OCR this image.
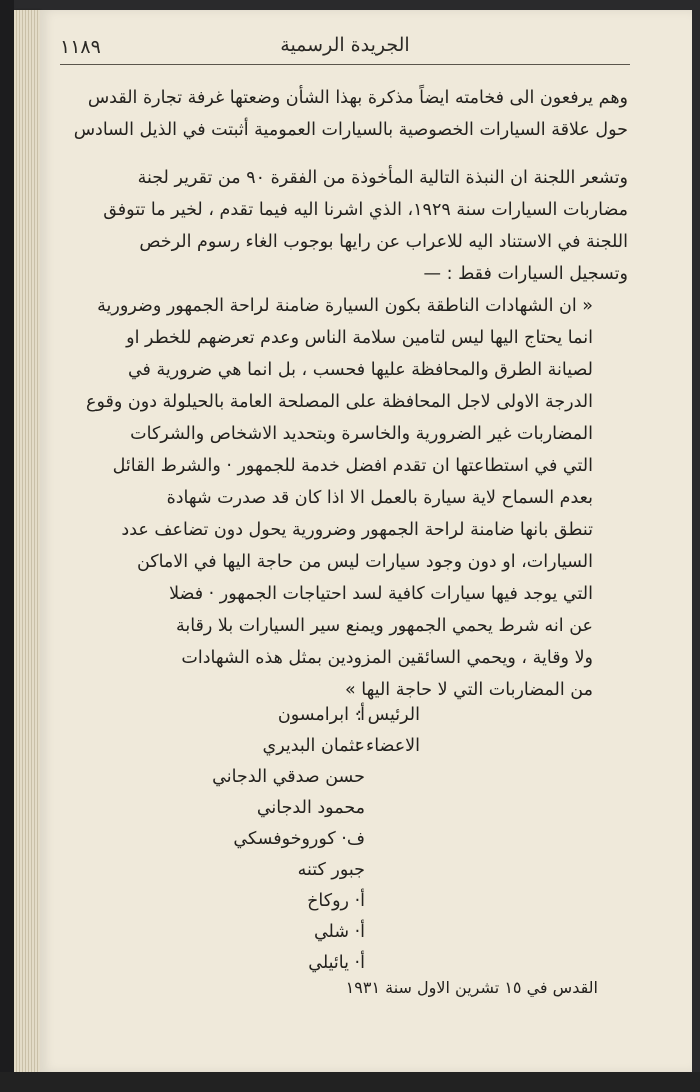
١١٨٩	الجريدة الرسمية
وهم يرفعون الى فخامته ايضاً مذكرة بهذا الشأن وضعتها غرفة تجارة القدس
حول علاقة السيارات الخصوصية بالسيارات العمومية أثبتت في الذيل السادس
وتشعر اللجنة ان النبذة التالية المأخوذة من الفقرة ٩٠ من تقرير لجنة
مضاربات السيارات سنة ١٩٢٩، الذي اشرنا اليه فيما تقدم ، لخير ما تتوفق
اللجنة في الاستناد اليه للاعراب عن رايها بوجوب الغاء رسوم الرخص
وتسجيل السيارات فقط : —
« ان الشهادات الناطقة بكون السيارة ضامنة لراحة الجمهور وضرورية
انما يحتاج اليها ليس لتامين سلامة الناس وعدم تعرضهم للخطر او
لصيانة الطرق والمحافظة عليها فحسب ، بل انما هي ضرورية في
الدرجة الاولى لاجل المحافظة على المصلحة العامة بالحيلولة دون وقوع
المضاربات غير الضرورية والخاسرة وبتحديد الاشخاص والشركات
التي في استطاعتها ان تقدم افضل خدمة للجمهور · والشرط القائل
بعدم السماح لاية سيارة بالعمل الا اذا كان قد صدرت شهادة
تنطق بانها ضامنة لراحة الجمهور وضرورية يحول دون تضاعف عدد
السيارات، او دون وجود سيارات ليس من حاجة اليها في الاماكن
التي يوجد فيها سيارات كافية لسد احتياجات الجمهور · فضلا
عن انه شرط يحمي الجمهور ويمنع سير السيارات بلا رقابة
ولا وقاية ، ويحمي السائقين المزودين بمثل هذه الشهادات
من المضاربات التي لا حاجة اليها »
الرئيس :
الاعضاء :
أ· ابرامسون
عثمان البديري
حسن صدقي الدجاني
محمود الدجاني
ف· كوروخوفسكي
جبور كتنه
أ· روكاخ
أ· شلي
أ· يائيلي
القدس في ١٥ تشرين الاول سنة ١٩٣١
